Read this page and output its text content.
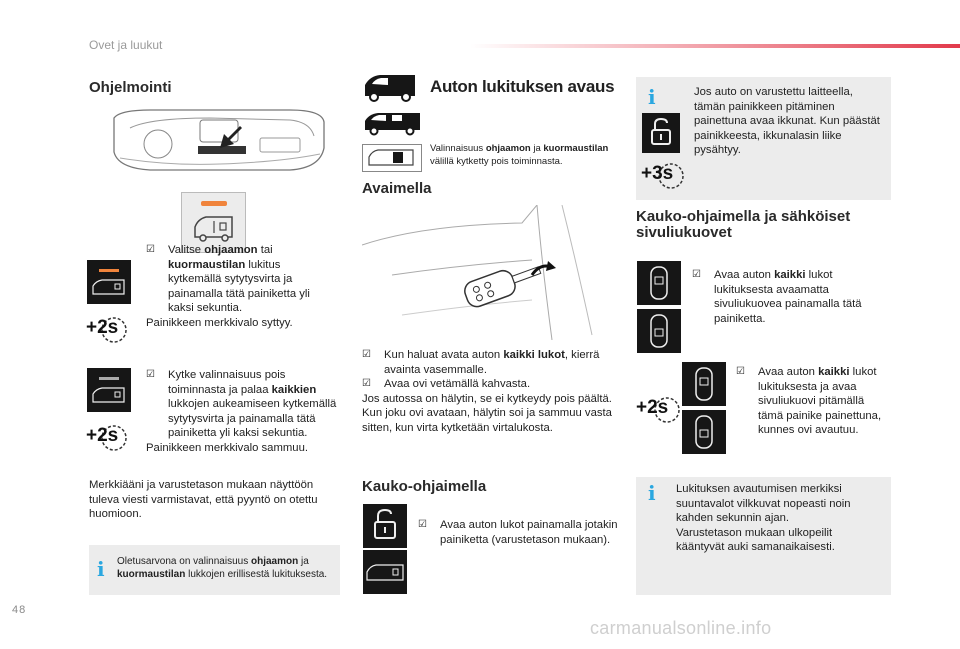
Ovet ja luukut
48
Ohjelmointi
+2s
☑ Valitse ohjaamon tai kuormaustilan lukitus kytkemällä sytytysvirta ja painamalla tätä painiketta yli kaksi sekuntia.
Painikkeen merkkivalo syttyy.
+2s
☑ Kytke valinnaisuus pois toiminnasta ja palaa kaikkien lukkojen aukeamiseen kytkemällä sytytysvirta ja painamalla tätä painiketta yli kaksi sekuntia.
Painikkeen merkkivalo sammuu.
Merkkiääni ja varustetason mukaan näyttöön tuleva viesti varmistavat, että pyyntö on otettu huomioon.
i Oletusarvona on valinnaisuus ohjaamon ja kuormaustilan lukkojen erillisestä lukituksesta.
Auton lukituksen avaus
Valinnaisuus ohjaamon ja kuormaustilan välillä kytketty pois toiminnasta.
Avaimella
☑ Kun haluat avata auton kaikki lukot, kierrä avainta vasemmalle.
☑ Avaa ovi vetämällä kahvasta.
Jos autossa on hälytin, se ei kytkeydy pois päältä. Kun joku ovi avataan, hälytin soi ja sammuu vasta sitten, kun virta kytketään virtalukosta.
Kauko-ohjaimella
☑ Avaa auton lukot painamalla jotakin painiketta (varustetason mukaan).
i	Jos auto on varustettu laitteella, tämän painikkeen pitäminen painettuna avaa ikkunat. Kun päästät painikkeesta, ikkunalasin liike pysähtyy.
+3s
Kauko-ohjaimella ja sähköiset sivuliukuovet
☑ Avaa auton kaikki lukot lukituksesta avaamatta sivuliukuovea painamalla tätä painiketta.
+2s
☑ Avaa auton kaikki lukot lukituksesta ja avaa sivuliukuovi pitämällä tämä painike painettuna, kunnes ovi avautuu.
i Lukituksen avautumisen merkiksi suuntavalot vilkkuvat nopeasti noin kahden sekunnin ajan.
Varustetason mukaan ulkopeilit kääntyvät auki samanaikaisesti.
carmanualsonline.info
